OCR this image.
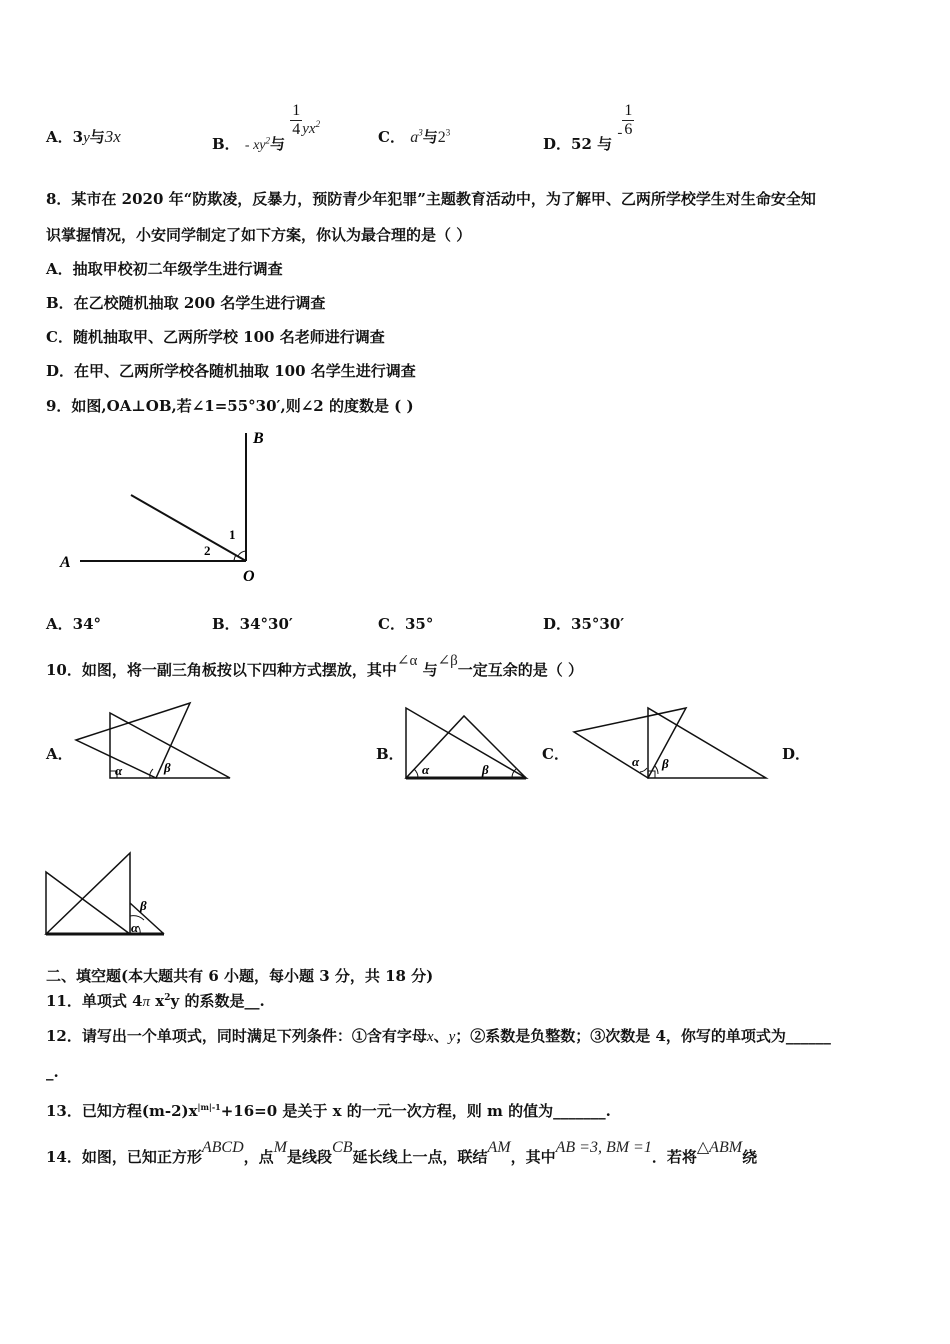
A．3y与3x	B． - $xy^2$与
$\frac{1}{4} yx^2$
C． $a^3$与$2^3$
D．52 与 - $\frac{1}{6}$
8．某市在 2020 年“防欺凌，反暴力，预防青少年犯罪”主题教育活动中，为了解甲、乙两所学校学生对生命安全知
识掌握情况，小安同学制定了如下方案，你认为最合理的是（ ）
A．抽取甲校初二年级学生进行调查
B．在乙校随机抽取 200 名学生进行调查
C．随机抽取甲、乙两所学校 100 名老师进行调查
D．在甲、乙两所学校各随机抽取 100 名学生进行调查
9．如图,OA⊥OB,若∠1=55°30′,则∠2 的度数是 ( )
B
A
O
1
2
A．34°	B．34°30′	C．35°	D．35°30′
10．如图，将一副三角板按以下四种方式摆放，其中∠α 与∠β一定互余的是（ ）
A．
α	β
B．
α	β
C．	α β
D．
β
α
二、填空题(本大题共有 6 小题，每小题 3 分，共 18 分)
11．单项式 4π $x^2y$ 的系数是__.
12．请写出一个单项式，同时满足下列条件：①含有字母x、y；②系数是负整数；③次数是 4，你写的单项式为______
_.
13．已知方程$(m-2)x^{|m|-1}+16=0$ 是关于 x 的一元一次方程，则 m 的值为_______.
14．如图，已知正方形ABCD，点M是线段CB延长线上一点，联结AM，其中AB =3, BM =1．若将△ABM绕
